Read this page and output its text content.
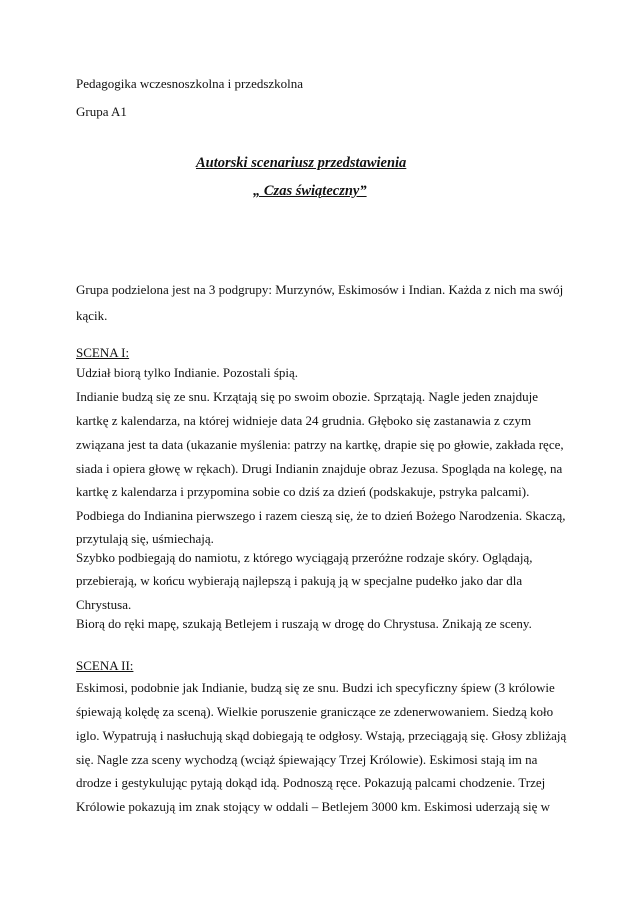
Pedagogika wczesnoszkolna i przedszkolna
Grupa A1
Autorski scenariusz przedstawienia
„ Czas świąteczny”
Grupa podzielona jest na 3 podgrupy: Murzynów, Eskimosów i Indian. Każda z nich ma swój
kącik.
SCENA I:
Udział biorą tylko Indianie. Pozostali śpią.
Indianie budzą się ze snu. Krzątają się po swoim obozie. Sprzątają. Nagle jeden znajduje
kartkę z kalendarza, na której widnieje data 24 grudnia. Głęboko się zastanawia z czym
związana jest ta data (ukazanie myślenia: patrzy na kartkę, drapie się po głowie, zakłada ręce,
siada i opiera głowę w rękach). Drugi Indianin znajduje obraz Jezusa. Spogląda na kolegę, na
kartkę z kalendarza i przypomina sobie co dziś za dzień (podskakuje, pstryka palcami).
Podbiega do Indianina pierwszego i razem cieszą się, że to dzień Bożego Narodzenia. Skaczą,
przytulają się, uśmiechają.
Szybko podbiegają do namiotu, z którego wyciągają przeróżne rodzaje skóry. Oglądają,
przebierają, w końcu wybierają najlepszą i pakują ją w specjalne pudełko jako dar dla
Chrystusa.
Biorą do ręki mapę, szukają Betlejem i ruszają w drogę do Chrystusa. Znikają ze sceny.
SCENA II:
Eskimosi, podobnie jak Indianie, budzą się ze snu. Budzi ich specyficzny śpiew (3 królowie
śpiewają kolędę za sceną). Wielkie poruszenie graniczące ze zdenerwowaniem. Siedzą koło
iglo. Wypatrują i nasłuchują skąd dobiegają te odgłosy. Wstają, przeciągają się. Głosy zbliżają
się. Nagle zza sceny wychodzą (wciąż śpiewający Trzej Królowie). Eskimosi stają im na
drodze i gestykulując pytają dokąd idą. Podnoszą ręce. Pokazują palcami chodzenie. Trzej
Królowie pokazują im znak stojący w oddali – Betlejem 3000 km. Eskimosi uderzają się w
